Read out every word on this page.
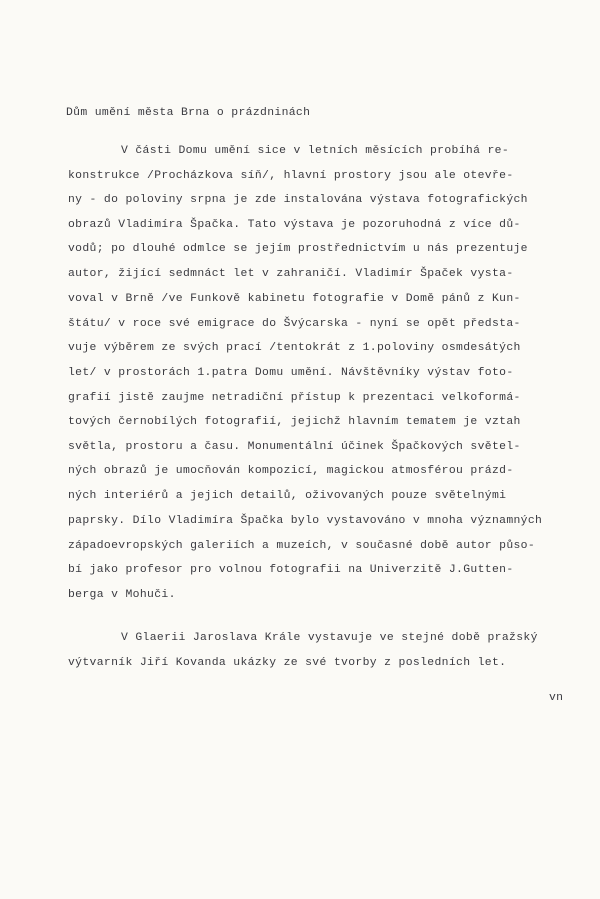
Dům umění města Brna o prázdninách
V části Domu umění sice v letních měsících probíhá re-
konstrukce /Procházkova síň/, hlavní prostory jsou ale otevře-
ny - do poloviny srpna je zde instalována výstava fotografických
obrazů Vladimíra Špačka. Tato výstava je pozoruhodná z více dů-
vodů; po dlouhé odmlce se jejím prostřednictvím u nás prezentuje
autor, žijící sedmnáct let v zahraničí. Vladimír Špaček vysta-
voval v Brně /ve Funkově kabinetu fotografie v Domě pánů z Kun-
štátu/ v roce své emigrace do Švýcarska - nyní se opět předsta-
vuje výběrem ze svých prací /tentokrát z 1.poloviny osmdesátých
let/ v prostorách 1.patra Domu umění. Návštěvníky výstav foto-
grafií jistě zaujme netradiční přístup k prezentaci velkoformá-
tových černobílých fotografií, jejichž hlavním tematem je vztah
světla, prostoru a času. Monumentální účinek Špačkových světel-
ných obrazů je umocňován kompozicí, magickou atmosférou prázd-
ných interiérů a jejich detailů, oživovaných pouze světelnými
paprsky. Dílo Vladimíra Špačka bylo vystavováno v mnoha významných
západoevropských galeriích a muzeích, v současné době autor půso-
bí jako profesor pro volnou fotografii na Univerzitě J.Gutten-
berga v Mohuči.
V Glaerii Jaroslava Krále vystavuje ve stejné době pražský
výtvarník Jiří Kovanda ukázky ze své tvorby z posledních let.
vn
